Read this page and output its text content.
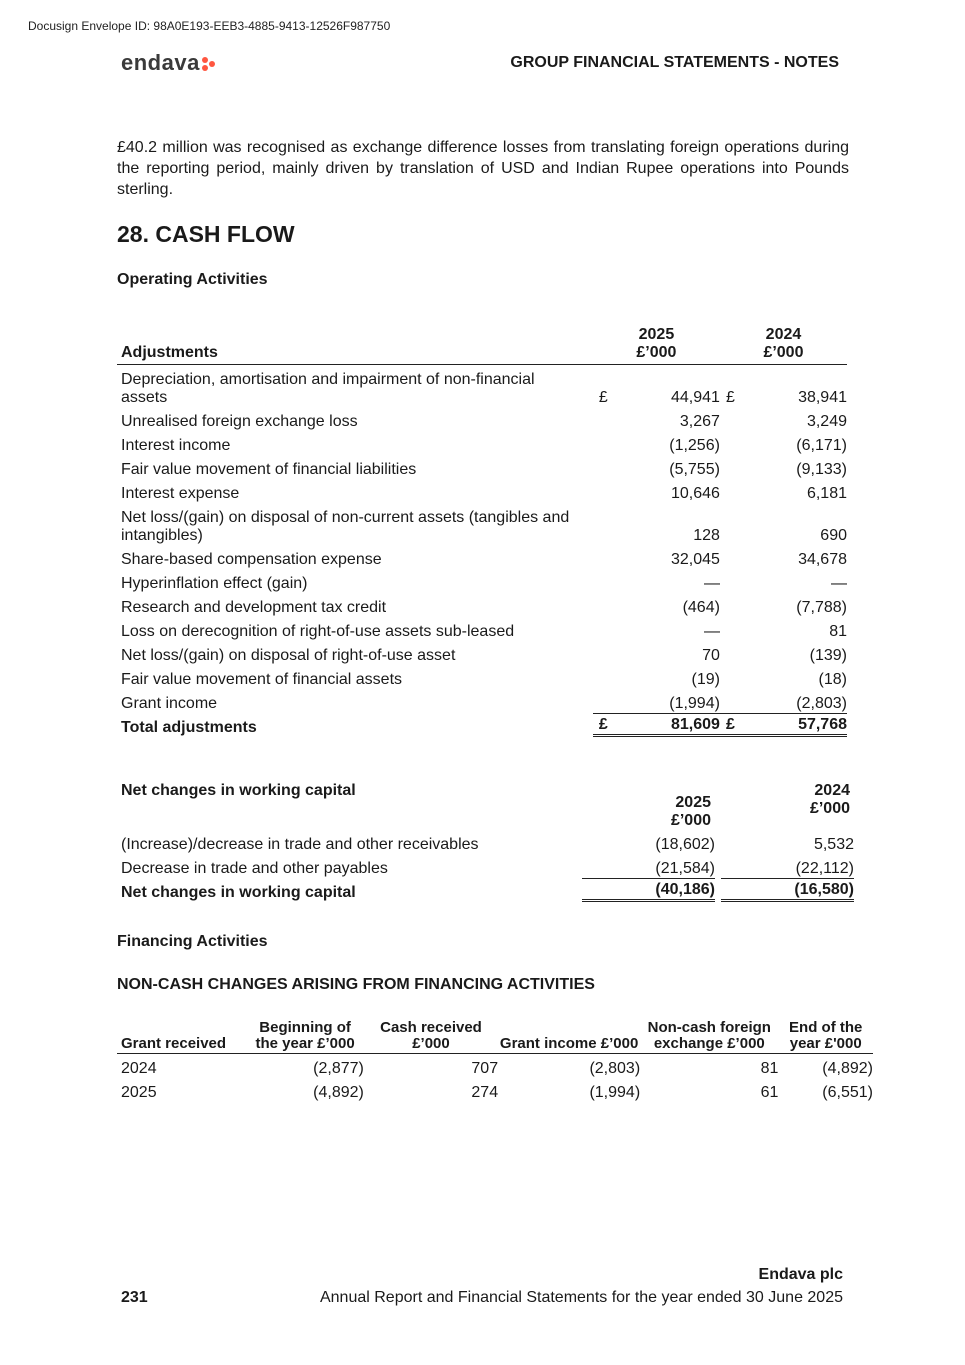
Docusign Envelope ID: 98A0E193-EEB3-4885-9413-12526F987750
endava	GROUP FINANCIAL STATEMENTS - NOTES
£40.2 million was recognised as exchange difference losses from translating foreign operations during the reporting period, mainly driven by translation of USD and Indian Rupee operations into Pounds sterling.
28. CASH FLOW
Operating Activities
Adjustments	2025
£’000		2024
£’000	
Depreciation, amortisation and impairment of non-financial assets	£	44,941	£	38,941
Unrealised foreign exchange loss		3,267		3,249
Interest income		(1,256)		(6,171)
Fair value movement of financial liabilities		(5,755)		(9,133)
Interest expense		10,646		6,181
Net loss/(gain) on disposal of non-current assets (tangibles and intangibles)		128		690
Share-based compensation expense		32,045		34,678
Hyperinflation effect (gain)		—		—
Research and development tax credit		(464)		(7,788)
Loss on derecognition of right-of-use assets sub-leased		—		81
Net loss/(gain) on disposal of right-of-use asset		70		(139)
Fair value movement of financial assets		(19)		(18)
Grant income		(1,994)		(2,803)
Total adjustments	£	81,609	£	57,768
Net changes in working capital	2025
£’000		2024
£’000
(Increase)/decrease in trade and other receivables	(18,602)		5,532
Decrease in trade and other payables	(21,584)		(22,112)
Net changes in working capital	(40,186)		(16,580)
Financing Activities
NON-CASH CHANGES ARISING FROM FINANCING ACTIVITIES
Grant received	Beginning of the year £’000	Cash received £’000	Grant income £’000	Non-cash foreign exchange £’000	End of the year £'000
2024	(2,877)	707	(2,803)	81	(4,892)
2025	(4,892)	274	(1,994)	61	(6,551)
Endava plc
231	Annual Report and Financial Statements for the year ended 30 June 2025
